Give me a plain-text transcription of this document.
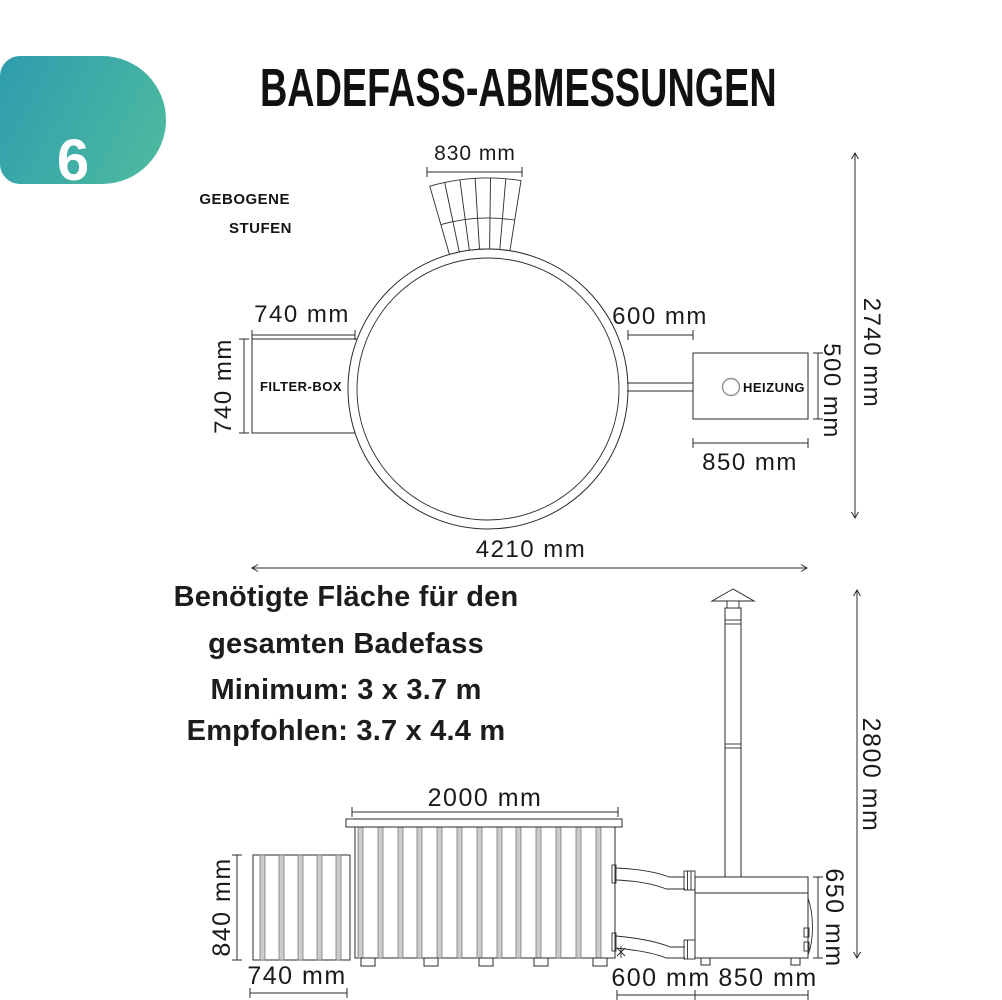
6
Personen
BADEFASS-ABMESSUNGEN
830 mm
GEBOGENE
STUFEN
740 mm
740 mm	FILTER-BOX
600 mm
HEIZUNG 500 mm
850 mm
2740 mm
4210 mm
Benötigte Fläche für den
gesamten Badefass
Minimum: 3 x 3.7 m
Empfohlen: 3.7 x 4.4 m
2000 mm
840 mm
740 mm	600 mm 850 mm
650 mm
2800 mm
